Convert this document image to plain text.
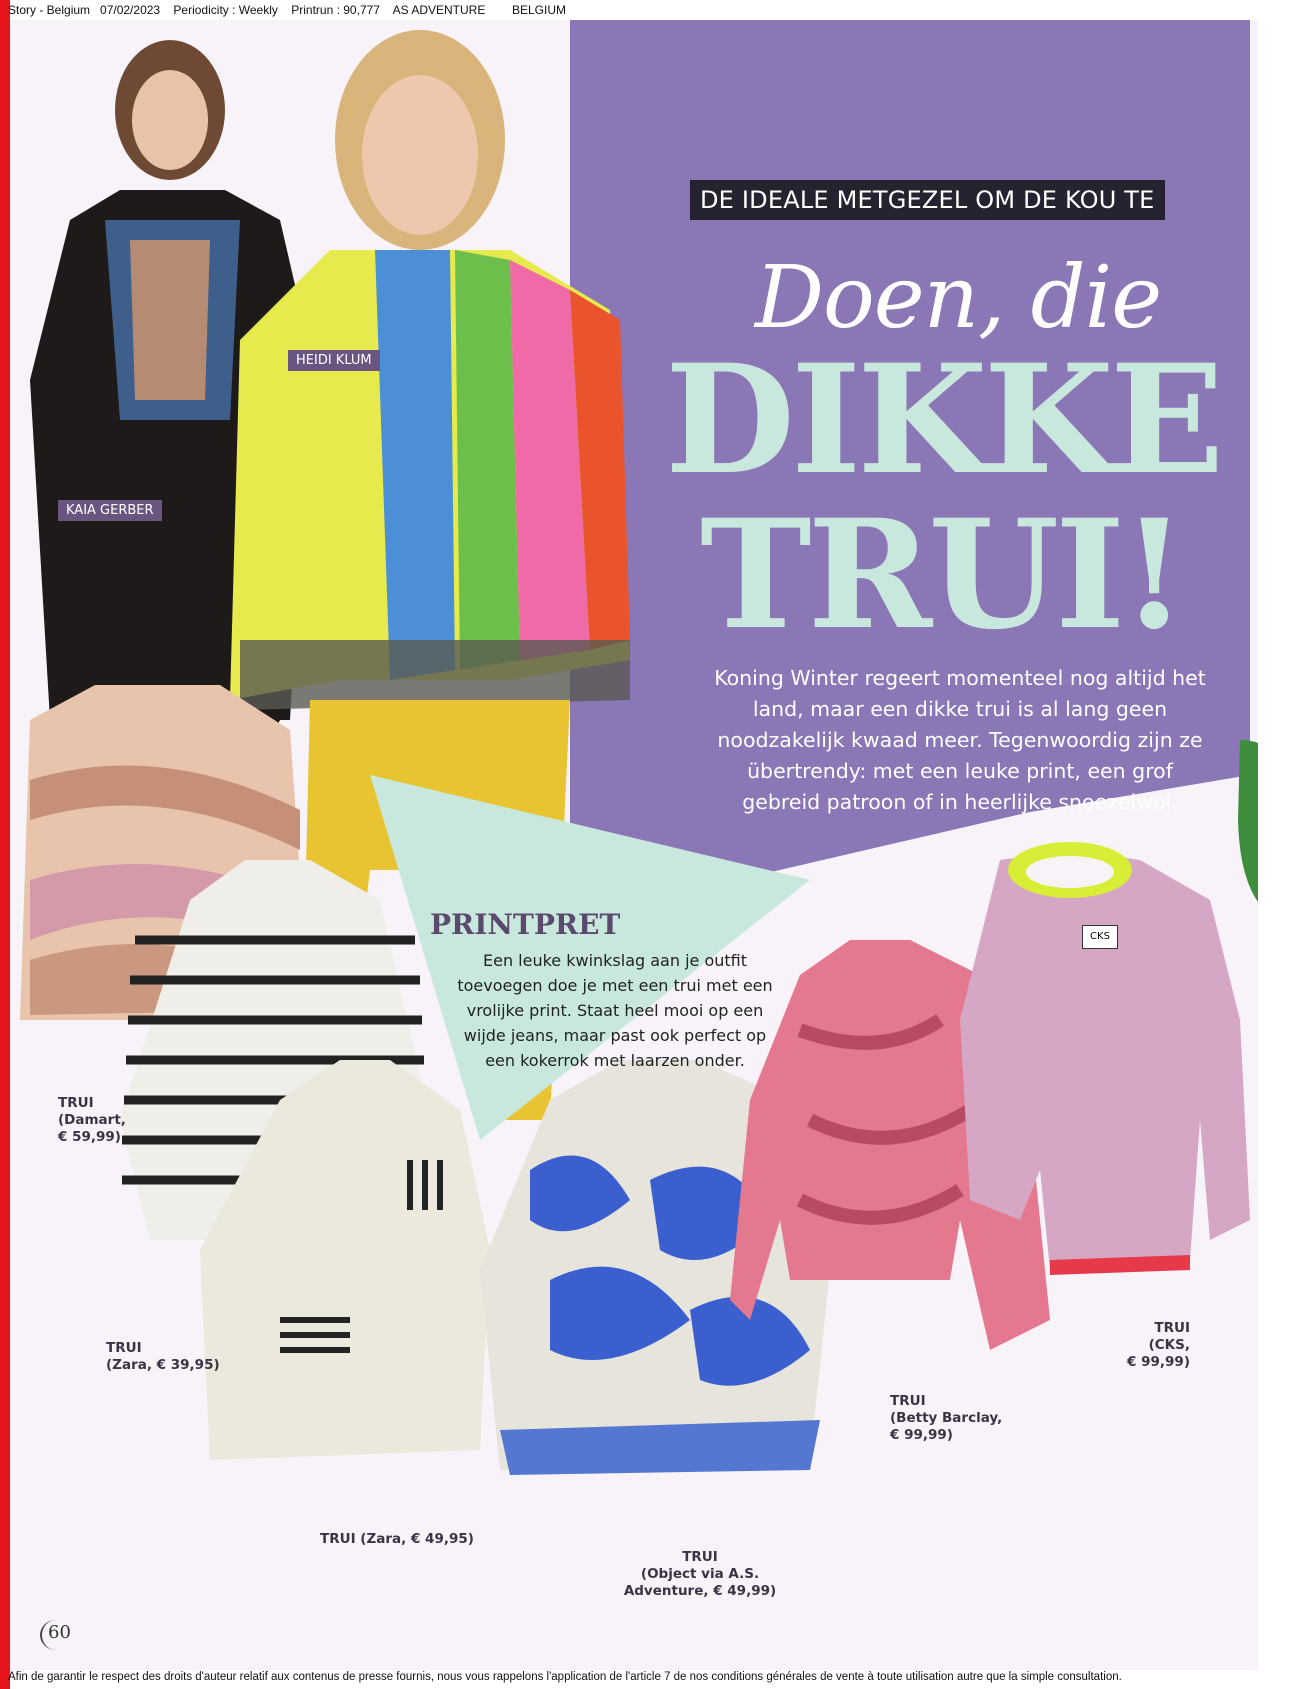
Story - Belgium   07/02/2023    Periodicity : Weekly    Printrun : 90,777    AS ADVENTURE        BELGIUM
DE IDEALE METGEZEL OM DE KOU TE
Doen, die
DIKKE
TRUI!
Koning Winter regeert momenteel nog altijd het land, maar een dikke trui is al lang geen noodzakelijk kwaad meer. Tegenwoordig zijn ze übertrendy: met een leuke print, een grof gebreid patroon of in heerlijke snoezelwol.
HEIDI KLUM
KAIA GERBER
PRINTPRET
Een leuke kwinkslag aan je outfit toevoegen doe je met een trui met een vrolijke print. Staat heel mooi op een wijde jeans, maar past ook perfect op een kokerrok met laarzen onder.
TRUI
(Damart,
€ 59,99)
TRUI
(Zara, € 39,95)
TRUI (Zara, € 49,95)
TRUI
(Object via A.S.
Adventure, € 49,99)
TRUI
(Betty Barclay,
€ 99,99)
TRUI
(CKS,
€ 99,99)
CKS
60
Afin de garantir le respect des droits d'auteur relatif aux contenus de presse fournis, nous vous rappelons l'application de l'article 7 de nos conditions générales de vente à toute utilisation autre que la simple consultation.
